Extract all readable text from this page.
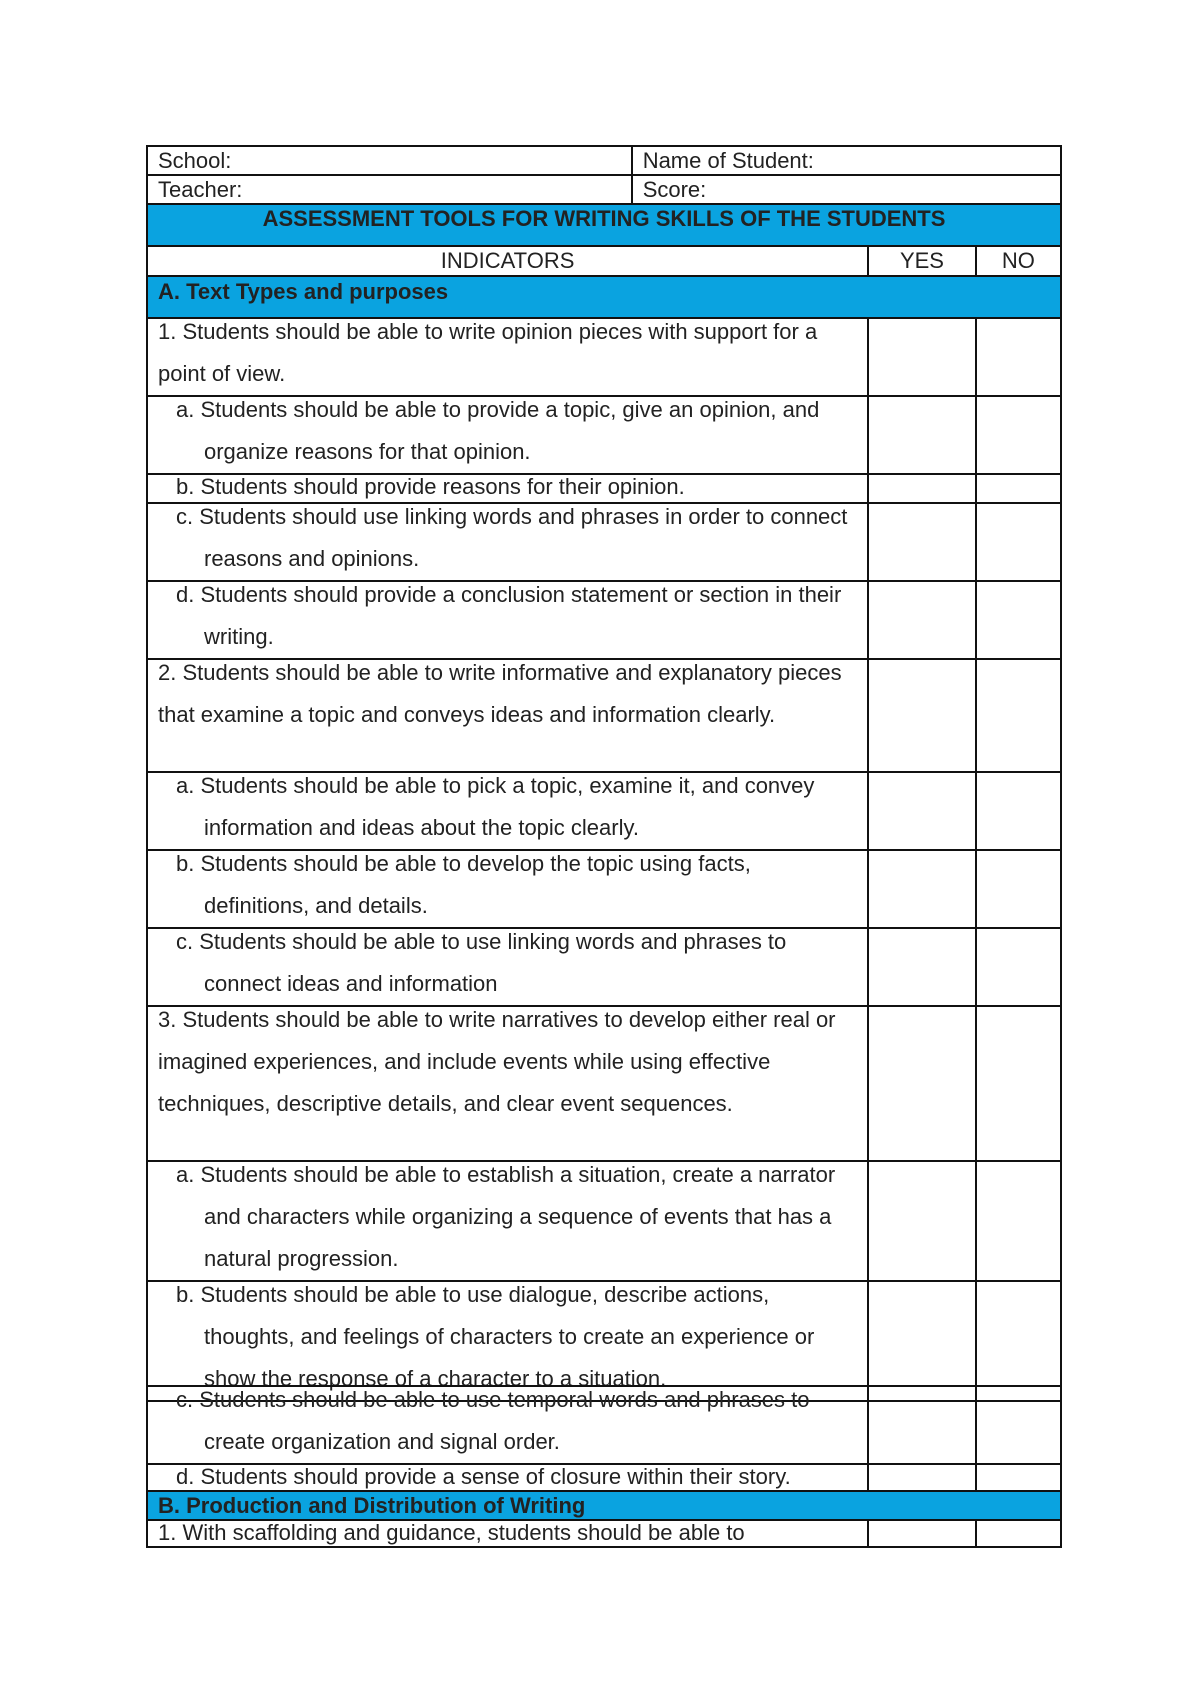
School:	Name of Student:		
Teacher:	Score:		
ASSESSMENT TOOLS FOR WRITING SKILLS OF THE STUDENTS			
INDICATORS		YES	NO
A. Text Types and purposes			

1. Students should be able to write opinion pieces with support for a point of view.			

a. Students should be able to provide a topic, give an opinion, and organize reasons for that opinion.			

b. Students should provide reasons for their opinion.			

c. Students should use linking words and phrases in order to connect reasons and opinions.			

d. Students should provide a conclusion statement or section in their writing.			

2. Students should be able to write informative and explanatory pieces that examine a topic and conveys ideas and information clearly.			

a. Students should be able to pick a topic, examine it, and convey information and ideas about the topic clearly.			

b. Students should be able to develop the topic using facts, definitions, and details.			

c. Students should be able to use linking words and phrases to connect ideas and information			

3. Students should be able to write narratives to develop either real or imagined experiences, and include events while using effective techniques, descriptive details, and clear event sequences.			

a. Students should be able to establish a situation, create a narrator and characters while organizing a sequence of events that has a natural progression.			

b. Students should be able to use dialogue, describe actions, thoughts, and feelings of characters to create an experience or show the response of a character to a situation.			

c. Students should be able to use temporal words and phrases to create organization and signal order.		

d. Students should provide a sense of closure within their story.		

B. Production and Distribution of Writing		

1. With scaffolding and guidance, students should be able to		
